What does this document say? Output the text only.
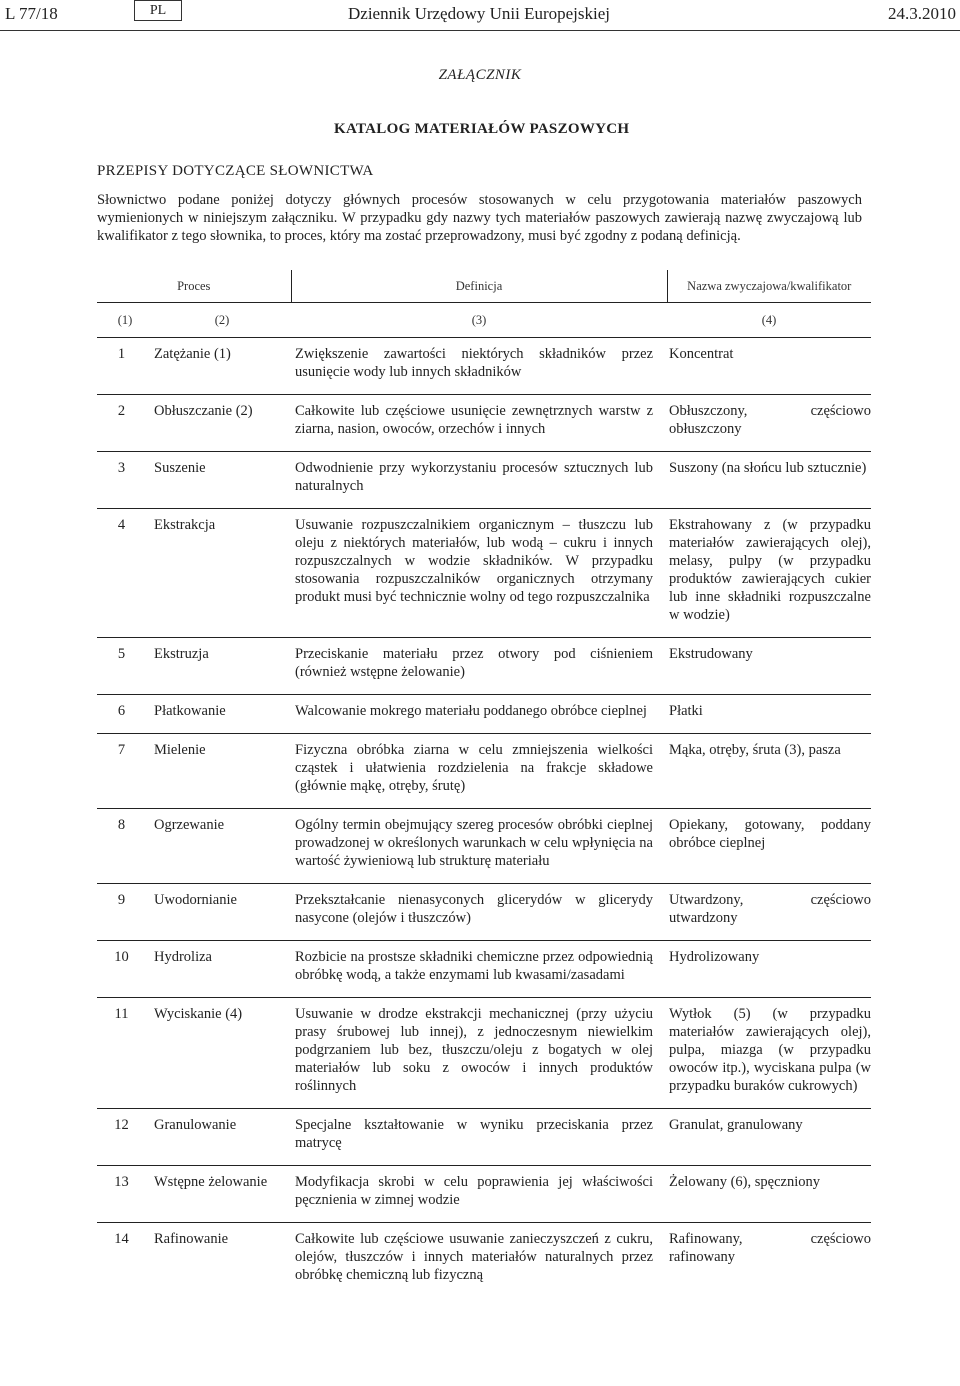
L 77/18	PL	Dziennik Urzędowy Unii Europejskiej	24.3.2010
ZAŁĄCZNIK
KATALOG MATERIAŁÓW PASZOWYCH
PRZEPISY DOTYCZĄCE SŁOWNICTWA
Słownictwo podane poniżej dotyczy głównych procesów stosowanych w celu przygotowania materiałów paszowych wymienionych w niniejszym załączniku. W przypadku gdy nazwy tych materiałów paszowych zawierają nazwę zwyczajową lub kwalifikator z tego słownika, to proces, który ma zostać przeprowadzony, musi być zgodny z podaną definicją.
Proces		Definicja	Nazwa zwyczajowa/kwalifikator
(1)	(2)	(3)	(4)
1	Zatężanie (1)	Zwiększenie zawartości niektórych składników przez usunięcie wody lub innych składników	Koncentrat
2	Obłuszczanie (2)	Całkowite lub częściowe usunięcie zewnętrznych warstw z ziarna, nasion, owoców, orzechów i innych	Obłuszczony, częściowo obłuszczony
3	Suszenie	Odwodnienie przy wykorzystaniu procesów sztucznych lub naturalnych	Suszony (na słońcu lub sztucznie)
4	Ekstrakcja	Usuwanie rozpuszczalnikiem organicznym – tłuszczu lub oleju z niektórych materiałów, lub wodą – cukru i innych rozpuszczalnych w wodzie składników. W przypadku stosowania rozpuszczalników organicznych otrzymany produkt musi być technicznie wolny od tego rozpuszczalnika	Ekstrahowany z (w przypadku materiałów zawierających olej), melasy, pulpy (w przypadku produktów zawierających cukier lub inne składniki rozpuszczalne w wodzie)
5	Ekstruzja	Przeciskanie materiału przez otwory pod ciśnieniem (również wstępne żelowanie)	Ekstrudowany
6	Płatkowanie	Walcowanie mokrego materiału poddanego obróbce cieplnej	Płatki
7	Mielenie	Fizyczna obróbka ziarna w celu zmniejszenia wielkości cząstek i ułatwienia rozdzielenia na frakcje składowe (głównie mąkę, otręby, śrutę)	Mąka, otręby, śruta (3), pasza
8	Ogrzewanie	Ogólny termin obejmujący szereg procesów obróbki cieplnej prowadzonej w określonych warunkach w celu wpłynięcia na wartość żywieniową lub strukturę materiału	Opiekany, gotowany, poddany obróbce cieplnej
9	Uwodornianie	Przekształcanie nienasyconych glicerydów w glicerydy nasycone (olejów i tłuszczów)	Utwardzony, częściowo utwardzony
10	Hydroliza	Rozbicie na prostsze składniki chemiczne przez odpowiednią obróbkę wodą, a także enzymami lub kwasami/zasadami	Hydrolizowany
11	Wyciskanie (4)	Usuwanie w drodze ekstrakcji mechanicznej (przy użyciu prasy śrubowej lub innej), z jednoczesnym niewielkim podgrzaniem lub bez, tłuszczu/oleju z bogatych w olej materiałów lub soku z owoców i innych produktów roślinnych	Wytłok (5) (w przypadku materiałów zawierających olej), pulpa, miazga (w przypadku owoców itp.), wyciskana pulpa (w przypadku buraków cukrowych)
12	Granulowanie	Specjalne kształtowanie w wyniku przeciskania przez matrycę	Granulat, granulowany
13	Wstępne żelowanie	Modyfikacja skrobi w celu poprawienia jej właściwości pęcznienia w zimnej wodzie	Żelowany (6), spęczniony
14	Rafinowanie	Całkowite lub częściowe usuwanie zanieczyszczeń z cukru, olejów, tłuszczów i innych materiałów naturalnych przez obróbkę chemiczną lub fizyczną	Rafinowany, częściowo rafinowany
